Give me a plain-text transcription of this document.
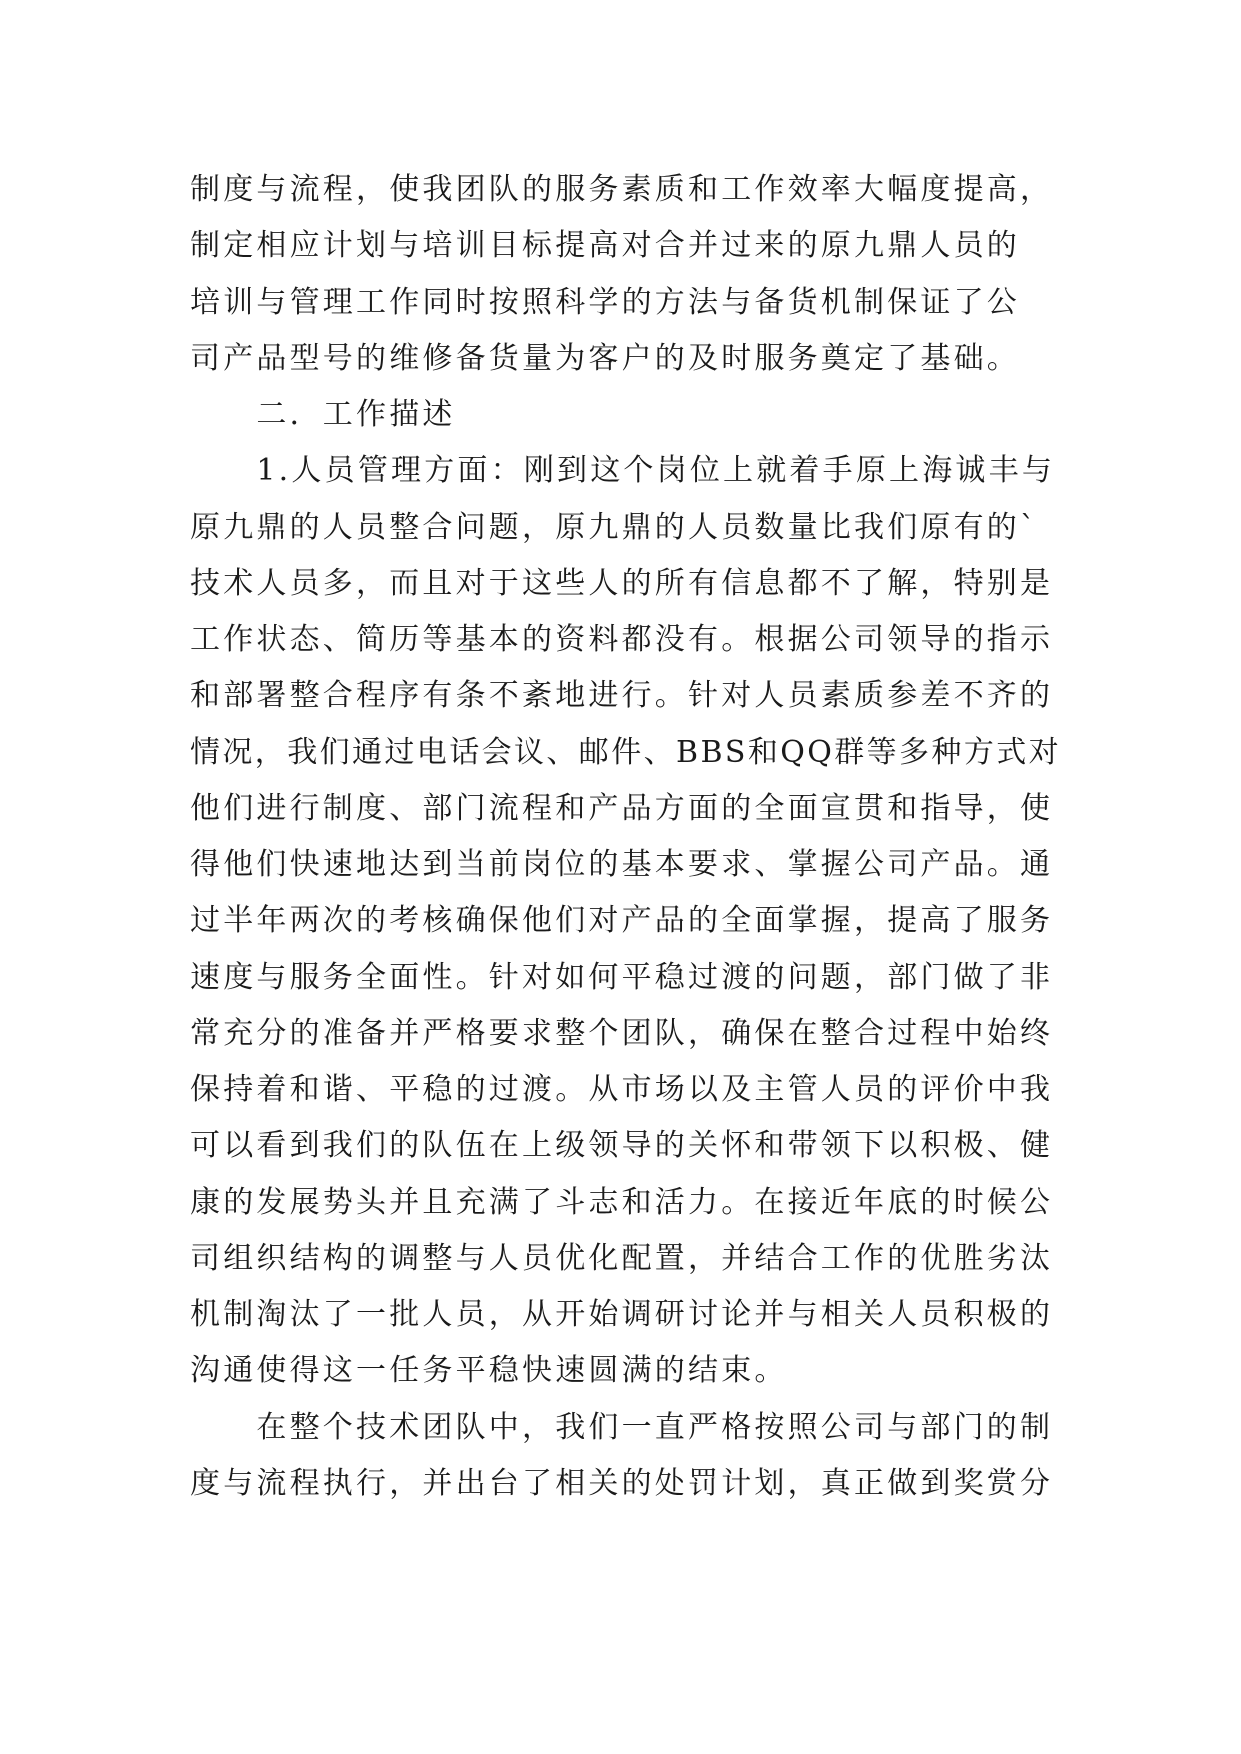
制度与流程，使我团队的服务素质和工作效率大幅度提高，
制定相应计划与培训目标提高对合并过来的原九鼎人员的
培训与管理工作同时按照科学的方法与备货机制保证了公
司产品型号的维修备货量为客户的及时服务奠定了基础。
　　二．工作描述
　　1.人员管理方面：刚到这个岗位上就着手原上海诚丰与
原九鼎的人员整合问题，原九鼎的人员数量比我们原有的`
技术人员多，而且对于这些人的所有信息都不了解，特别是
工作状态、简历等基本的资料都没有。根据公司领导的指示
和部署整合程序有条不紊地进行。针对人员素质参差不齐的
情况，我们通过电话会议、邮件、BBS和QQ群等多种方式对
他们进行制度、部门流程和产品方面的全面宣贯和指导，使
得他们快速地达到当前岗位的基本要求、掌握公司产品。通
过半年两次的考核确保他们对产品的全面掌握，提高了服务
速度与服务全面性。针对如何平稳过渡的问题，部门做了非
常充分的准备并严格要求整个团队，确保在整合过程中始终
保持着和谐、平稳的过渡。从市场以及主管人员的评价中我
可以看到我们的队伍在上级领导的关怀和带领下以积极、健
康的发展势头并且充满了斗志和活力。在接近年底的时候公
司组织结构的调整与人员优化配置，并结合工作的优胜劣汰
机制淘汰了一批人员，从开始调研讨论并与相关人员积极的
沟通使得这一任务平稳快速圆满的结束。
　　在整个技术团队中，我们一直严格按照公司与部门的制
度与流程执行，并出台了相关的处罚计划，真正做到奖赏分
